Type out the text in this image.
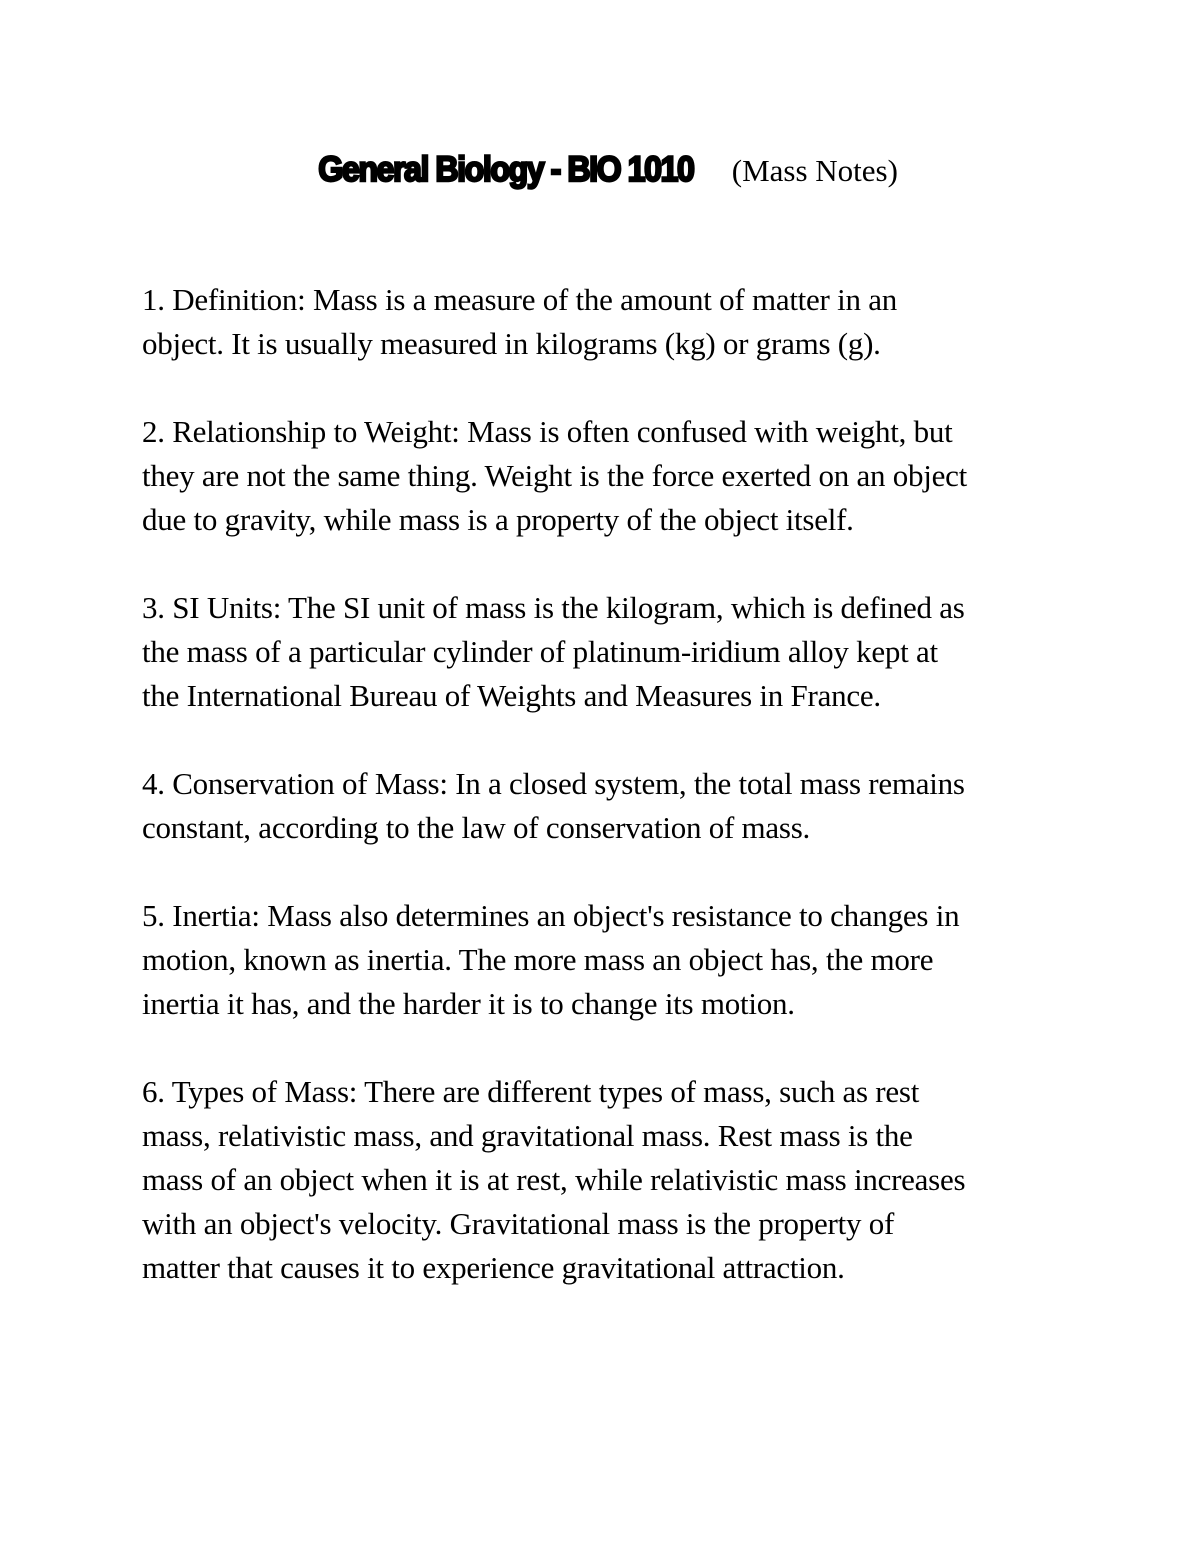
General Biology - BIO 1010 (Mass Notes)
1. Definition: Mass is a measure of the amount of matter in an
object. It is usually measured in kilograms (kg) or grams (g).
2. Relationship to Weight: Mass is often confused with weight, but
they are not the same thing. Weight is the force exerted on an object
due to gravity, while mass is a property of the object itself.
3. SI Units: The SI unit of mass is the kilogram, which is defined as
the mass of a particular cylinder of platinum-iridium alloy kept at
the International Bureau of Weights and Measures in France.
4. Conservation of Mass: In a closed system, the total mass remains
constant, according to the law of conservation of mass.
5. Inertia: Mass also determines an object's resistance to changes in
motion, known as inertia. The more mass an object has, the more
inertia it has, and the harder it is to change its motion.
6. Types of Mass: There are different types of mass, such as rest
mass, relativistic mass, and gravitational mass. Rest mass is the
mass of an object when it is at rest, while relativistic mass increases
with an object's velocity. Gravitational mass is the property of
matter that causes it to experience gravitational attraction.
